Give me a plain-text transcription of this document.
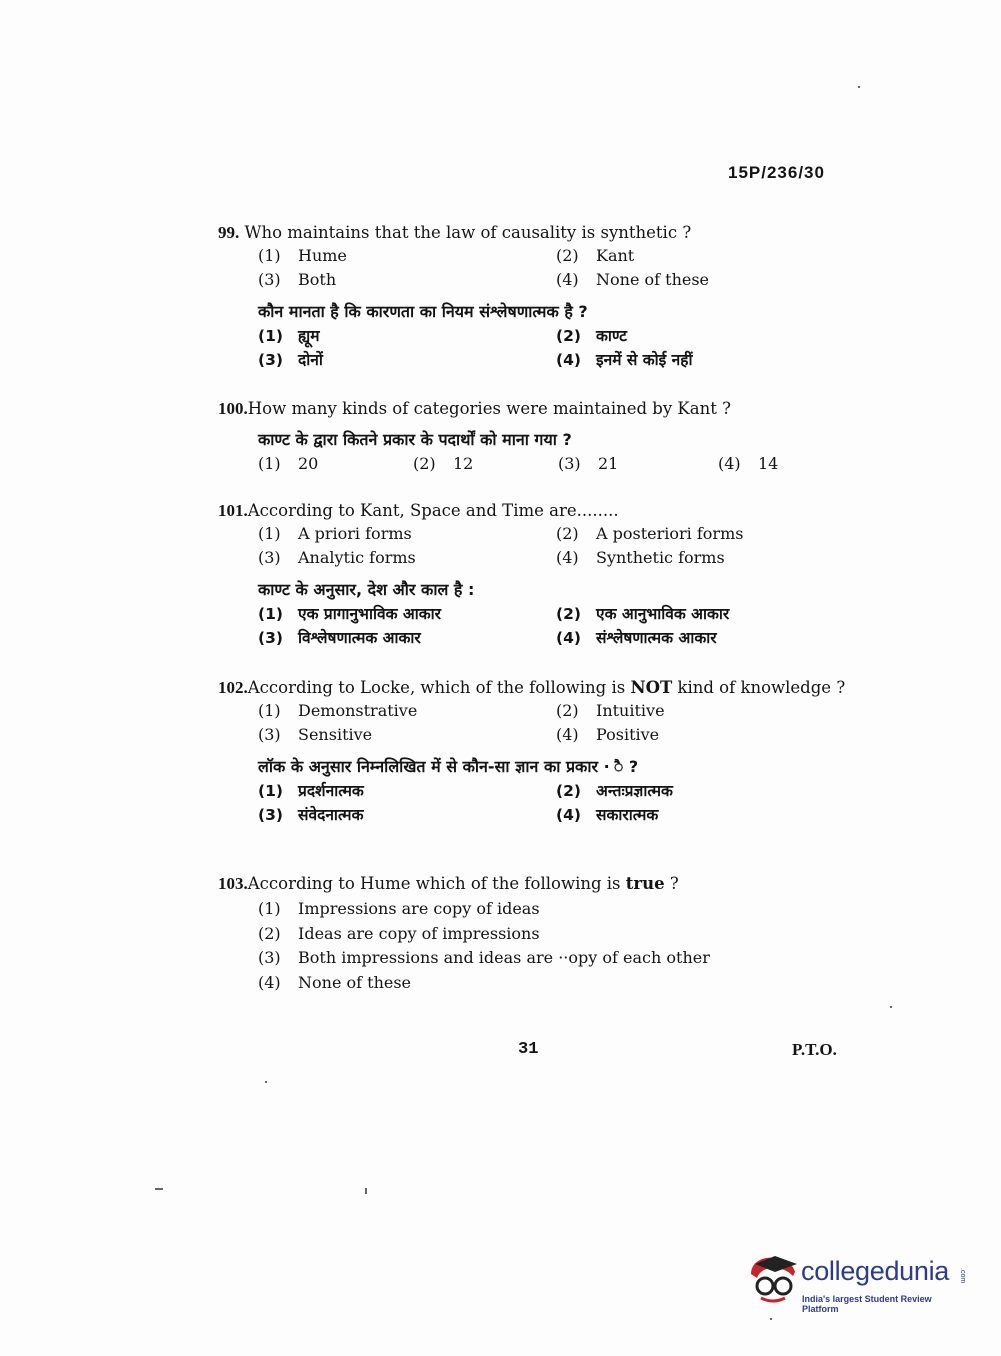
15P/236/30
99. Who maintains that the law of causality is synthetic ?
(1) Hume	(2) Kant
(3) Both	(4) None of these
कौन मानता है कि कारणता का नियम संश्लेषणात्मक है ?
(1) ह्यूम	(2) काण्ट
(3) दोनों	(4) इनमें से कोई नहीं
100.How many kinds of categories were maintained by Kant ?
काण्ट के द्वारा कितने प्रकार के पदार्थों को माना गया ?
(1) 20	(2) 12	(3) 21	(4) 14
101.According to Kant, Space and Time are........
(1) A priori forms	(2) A posteriori forms
(3) Analytic forms	(4) Synthetic forms
काण्ट के अनुसार, देश और काल है :
(1) एक प्रागानुभाविक आकार	(2) एक आनुभाविक आकार
(3) विश्लेषणात्मक आकार	(4) संश्लेषणात्मक आकार
102.According to Locke, which of the following is NOT kind of knowledge ?
(1) Demonstrative	(2) Intuitive
(3) Sensitive	(4) Positive
लॉक के अनुसार निम्नलिखित में से कौन-सा ज्ञान का प्रकार · ै ?
(1) प्रदर्शनात्मक	(2) अन्तःप्रज्ञात्मक
(3) संवेदनात्मक	(4) सकारात्मक
103.According to Hume which of the following is true ?
(1) Impressions are copy of ideas
(2) Ideas are copy of impressions
(3) Both impressions and ideas are ··opy of each other
(4) None of these
31	P.T.O.
collegedunia .com
India's largest Student Review Platform
